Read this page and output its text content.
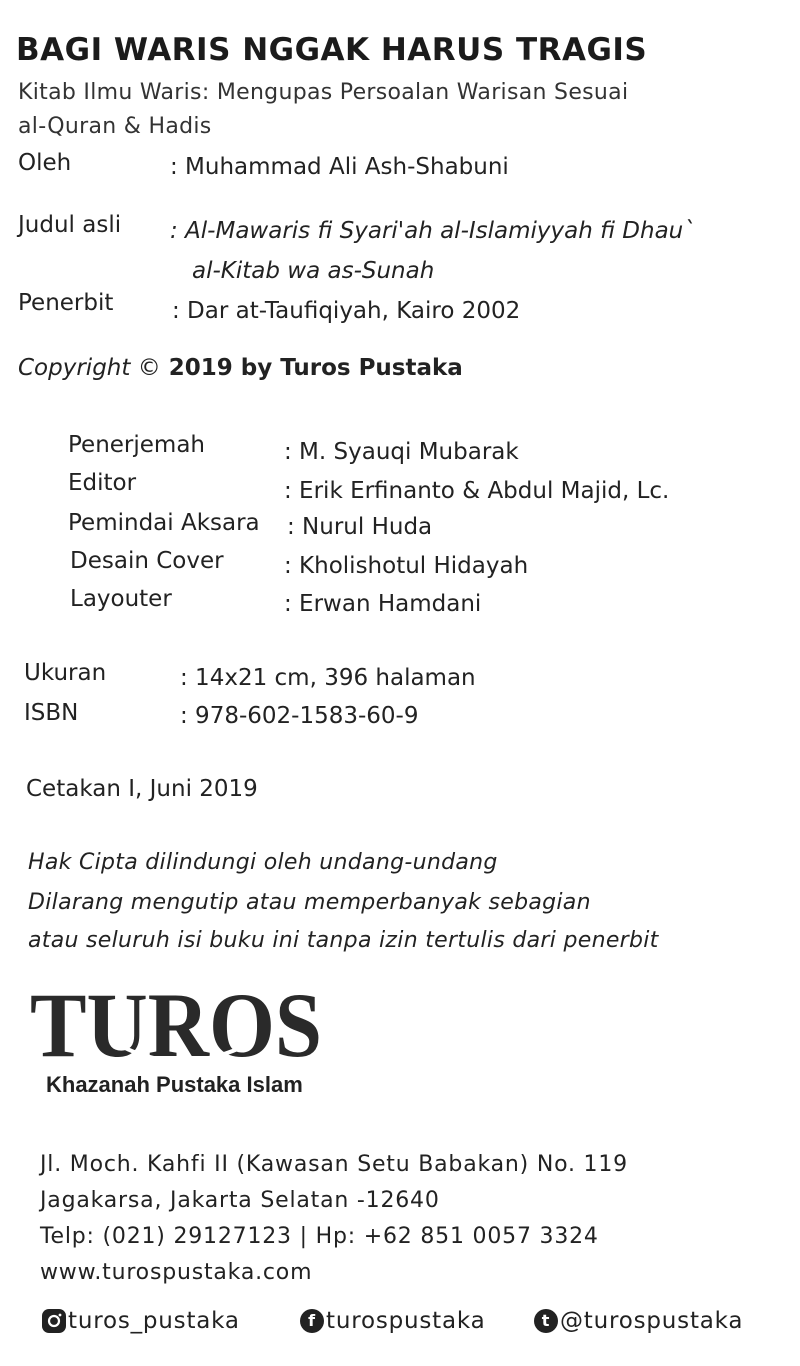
BAGI WARIS NGGAK HARUS TRAGIS
Kitab Ilmu Waris: Mengupas Persoalan Warisan Sesuai
al-Quran & Hadis
Oleh	: Muhammad Ali Ash-Shabuni
Judul asli : Al-Mawaris fi Syari'ah al-Islamiyyah fi Dhau`
al-Kitab wa as-Sunah
Penerbit	: Dar at-Taufiqiyah, Kairo 2002
Copyright © 2019 by Turos Pustaka
Penerjemah	: M. Syauqi Mubarak
Editor	: Erik Erfinanto & Abdul Majid, Lc.
Pemindai Aksara : Nurul Huda
Desain Cover	: Kholishotul Hidayah
Layouter	: Erwan Hamdani
Ukuran	: 14x21 cm, 396 halaman
ISBN	: 978-602-1583-60-9
Cetakan I, Juni 2019
Hak Cipta dilindungi oleh undang-undang
Dilarang mengutip atau memperbanyak sebagian
atau seluruh isi buku ini tanpa izin tertulis dari penerbit
TUROS
Khazanah Pustaka Islam
Jl. Moch. Kahfi II (Kawasan Setu Babakan) No. 119
Jagakarsa, Jakarta Selatan -12640
Telp: (021) 29127123 | Hp: +62 851 0057 3324
www.turospustaka.com
turos_pustaka	f turospustaka	t @turospustaka
